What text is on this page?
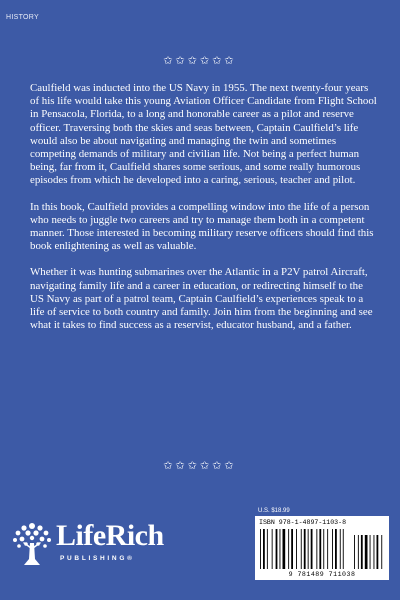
HISTORY
✩✩✩✩✩✩

Caulfield was inducted into the US Navy in 1955. The next twenty-four years of his life would take this young Aviation Officer Candidate from Flight School in Pensacola, Florida, to a long and honorable career as a pilot and reserve officer. Traversing both the skies and seas between, Captain Caulfield’s life would also be about navigating and managing the twin and sometimes competing demands of military and civilian life. Not being a perfect human being, far from it, Caulfield shares some serious, and some really humorous episodes from which he developed into a caring, serious, teacher and pilot.

In this book, Caulfield provides a compelling window into the life of a person who needs to juggle two careers and try to manage them both in a competent manner. Those interested in becoming military reserve officers should find this book enlightening as well as valuable.

Whether it was hunting submarines over the Atlantic in a P2V patrol Aircraft, navigating family life and a career in education, or redirecting himself to the US Navy as part of a patrol team, Captain Caulfield’s experiences speak to a life of service to both country and family. Join him from the beginning and see what it takes to find success as a reservist, educator husband, and a father.

✩✩✩✩✩✩
LifeRich
PUBLISHING®
U.S. $18.99
ISBN 978-1-4897-1103-8
9 781489 711038
